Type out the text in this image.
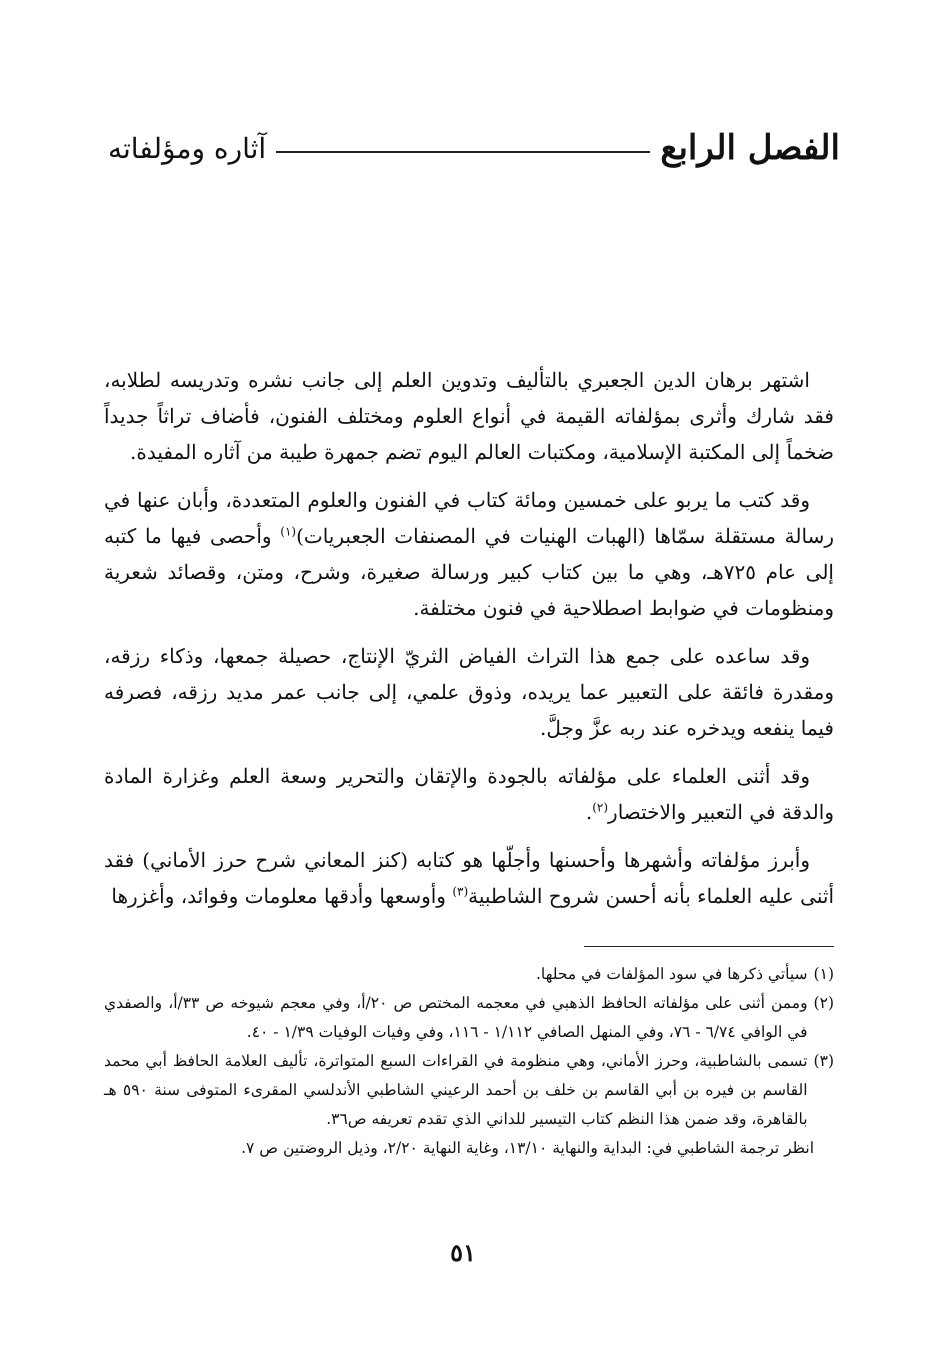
الفصل الرابع
آثاره ومؤلفاته

اشتهر برهان الدين الجعبري بالتأليف وتدوين العلم إلى جانب نشره وتدريسه لطلابه، فقد شارك وأثرى بمؤلفاته القيمة في أنواع العلوم ومختلف الفنون، فأضاف تراثاً جديداً ضخماً إلى المكتبة الإسلامية، ومكتبات العالم اليوم تضم جمهرة طيبة من آثاره المفيدة.

وقد كتب ما يربو على خمسين ومائة كتاب في الفنون والعلوم المتعددة، وأبان عنها في رسالة مستقلة سمّاها (الهبات الهنيات في المصنفات الجعبريات)$^{(١)}$ وأحصى فيها ما كتبه إلى عام ٧٢٥هـ، وهي ما بين كتاب كبير ورسالة صغيرة، وشرح، ومتن، وقصائد شعرية ومنظومات في ضوابط اصطلاحية في فنون مختلفة.

وقد ساعده على جمع هذا التراث الفياض الثريّ الإنتاج، حصيلة جمعها، وذكاء رزقه، ومقدرة فائقة على التعبير عما يريده، وذوق علمي، إلى جانب عمر مديد رزقه، فصرفه فيما ينفعه ويدخره عند ربه عزَّ وجلَّ.

وقد أثنى العلماء على مؤلفاته بالجودة والإتقان والتحرير وسعة العلم وغزارة المادة والدقة في التعبير والاختصار$^{(٢)}$.

وأبرز مؤلفاته وأشهرها وأحسنها وأجلّها هو كتابه (كنز المعاني شرح حرز الأماني) فقد أثنى عليه العلماء بأنه أحسن شروح الشاطبية$^{(٣)}$ وأوسعها وأدقها معلومات وفوائد، وأغزرها

(١)
سيأتي ذكرها في سود المؤلفات في محلها.
(٢)
وممن أثنى على مؤلفاته الحافظ الذهبي في معجمه المختص ص ٢٠/أ، وفي معجم شيوخه ص ٣٣/أ، والصفدي في الوافي ٦/٧٤ - ٧٦، وفي المنهل الصافي ١/١١٢ - ١١٦، وفي وفيات الوفيات ١/٣٩ - ٤٠.
(٣)
تسمى بالشاطبية، وحرز الأماني، وهي منظومة في القراءات السبع المتواترة، تأليف العلامة الحافظ أبي محمد القاسم بن فيره بن أبي القاسم بن خلف بن أحمد الرعيني الشاطبي الأندلسي المقرىء المتوفى سنة ٥٩٠ هـ بالقاهرة، وقد ضمن هذا النظم كتاب التيسير للداني الذي تقدم تعريفه ص٣٦.

انظر ترجمة الشاطبي في: البداية والنهاية ١٣/١٠، وغاية النهاية ٢/٢٠، وذيل الروضتين ص ٧.

٥١
